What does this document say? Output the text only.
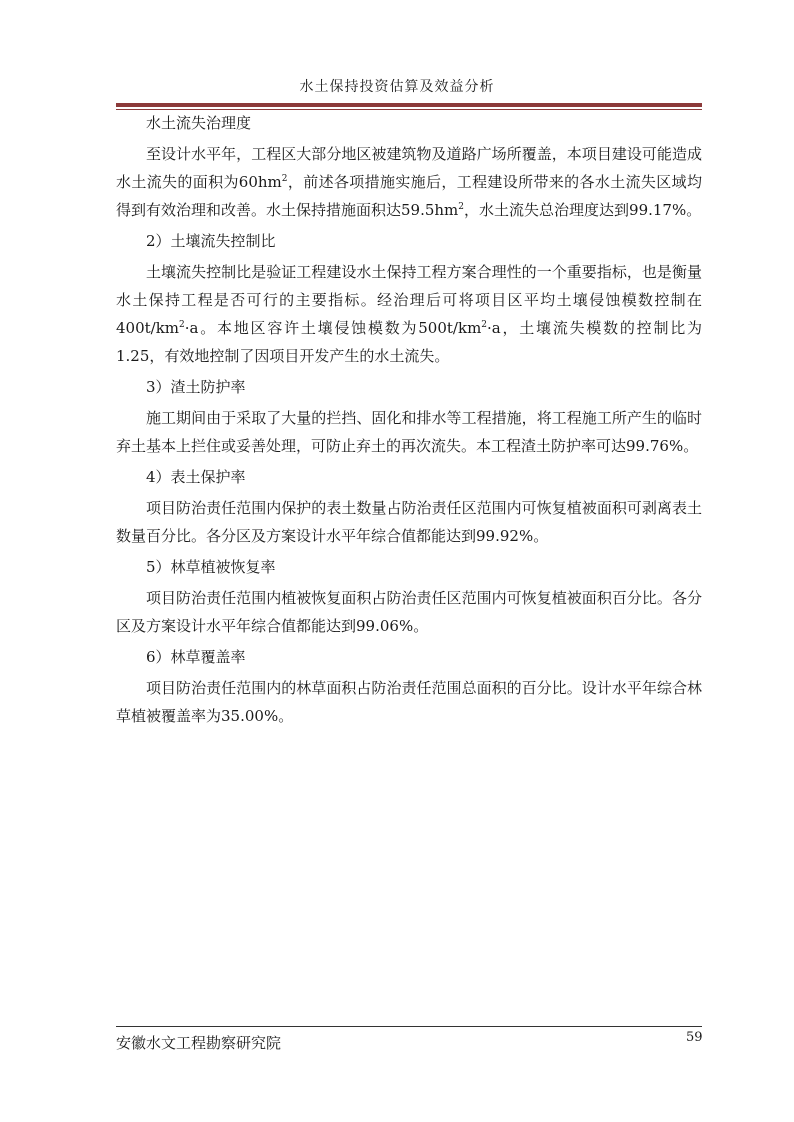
水土保持投资估算及效益分析

水土流失治理度

至设计水平年，工程区大部分地区被建筑物及道路广场所覆盖，本项目建设可能造成水土流失的面积为$60hm^2$，前述各项措施实施后，工程建设所带来的各水土流失区域均得到有效治理和改善。水土保持措施面积达$59.5hm^2$，水土流失总治理度达到99.17%。

2）土壤流失控制比

土壤流失控制比是验证工程建设水土保持工程方案合理性的一个重要指标，也是衡量水土保持工程是否可行的主要指标。经治理后可将项目区平均土壤侵蚀模数控制在$400t/km^2\cdot a$。本地区容许土壤侵蚀模数为$500t/km^2\cdot a$，土壤流失模数的控制比为1.25，有效地控制了因项目开发产生的水土流失。

3）渣土防护率

施工期间由于采取了大量的拦挡、固化和排水等工程措施，将工程施工所产生的临时弃土基本上拦住或妥善处理，可防止弃土的再次流失。本工程渣土防护率可达99.76%。

4）表土保护率

项目防治责任范围内保护的表土数量占防治责任区范围内可恢复植被面积可剥离表土数量百分比。各分区及方案设计水平年综合值都能达到99.92%。

5）林草植被恢复率

项目防治责任范围内植被恢复面积占防治责任区范围内可恢复植被面积百分比。各分区及方案设计水平年综合值都能达到99.06%。

6）林草覆盖率

项目防治责任范围内的林草面积占防治责任范围总面积的百分比。设计水平年综合林草植被覆盖率为35.00%。

安徽水文工程勘察研究院	59
